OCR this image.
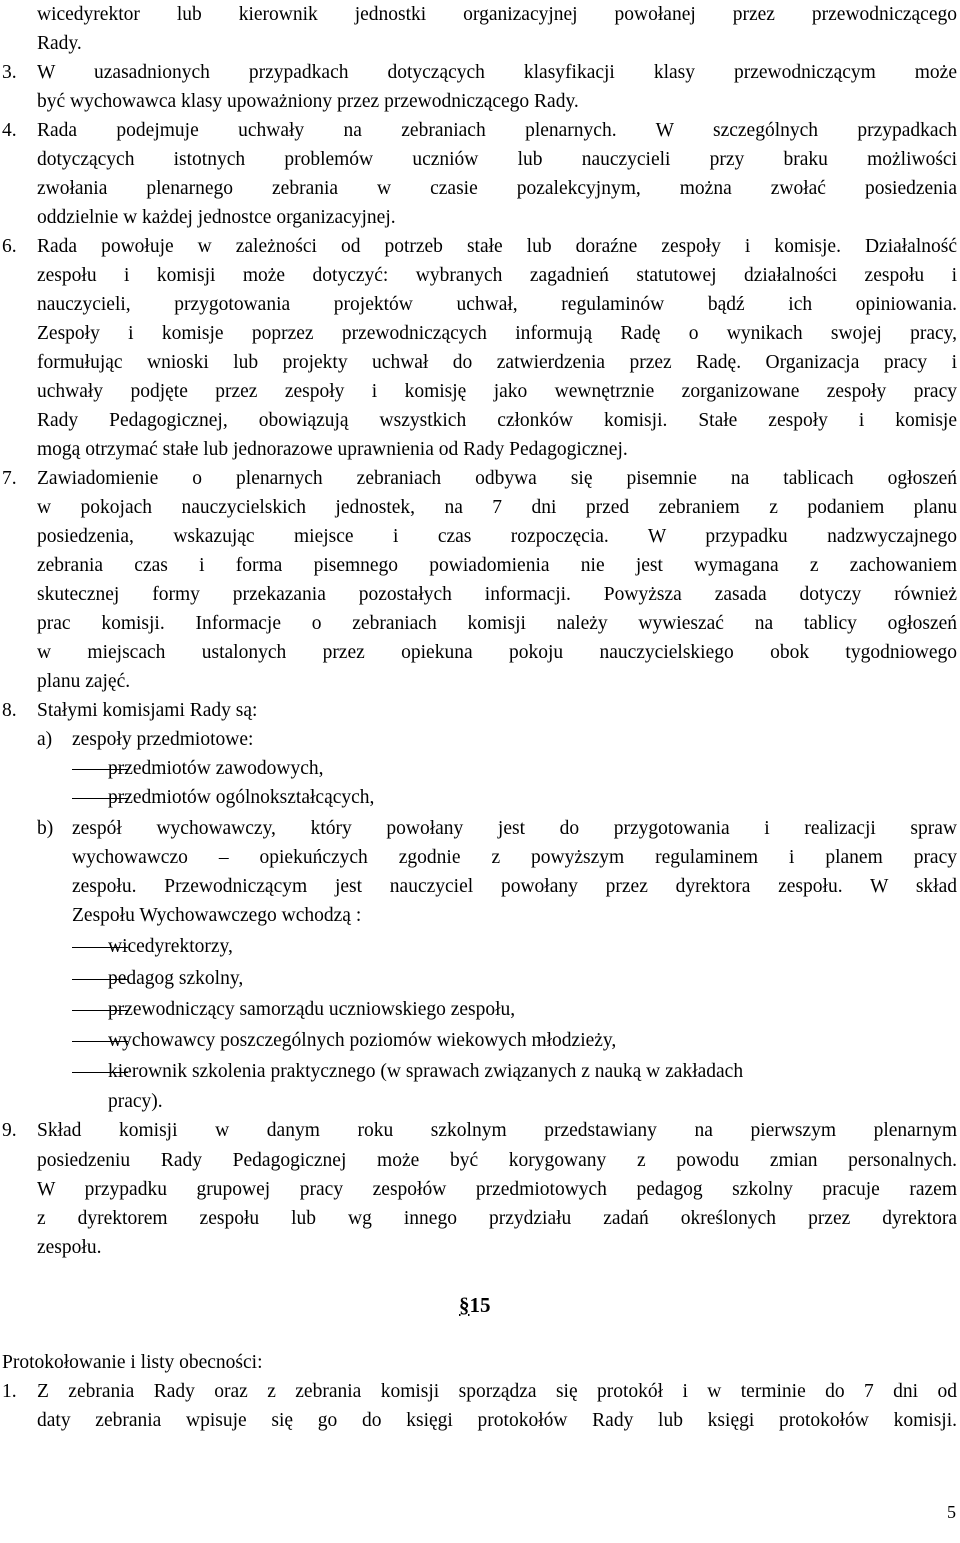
wicedyrektor lub kierownik jednostki organizacyjnej powołanej przez przewodniczącego
Rady.
3. W uzasadnionych przypadkach dotyczących klasyfikacji klasy przewodniczącym może
być wychowawca klasy upoważniony przez przewodniczącego Rady.
4. Rada podejmuje uchwały na zebraniach plenarnych. W szczególnych przypadkach
dotyczących istotnych problemów uczniów lub nauczycieli przy braku możliwości
zwołania plenarnego zebrania w czasie pozalekcyjnym, można zwołać posiedzenia
oddzielnie w każdej jednostce organizacyjnej.
6. Rada powołuje w zależności od potrzeb stałe lub doraźne zespoły i komisje. Działalność
zespołu i komisji może dotyczyć: wybranych zagadnień statutowej działalności zespołu i
nauczycieli, przygotowania projektów uchwał, regulaminów bądź ich opiniowania.
Zespoły i komisje poprzez przewodniczących informują Radę o wynikach swojej pracy,
formułując wnioski lub projekty uchwał do zatwierdzenia przez Radę. Organizacja pracy i
uchwały podjęte przez zespoły i komisję jako wewnętrznie zorganizowane zespoły pracy
Rady Pedagogicznej, obowiązują wszystkich członków komisji. Stałe zespoły i komisje
mogą otrzymać stałe lub jednorazowe uprawnienia od Rady Pedagogicznej.
7. Zawiadomienie o plenarnych zebraniach odbywa się pisemnie na tablicach ogłoszeń
w pokojach nauczycielskich jednostek, na 7 dni przed zebraniem z podaniem planu
posiedzenia, wskazując miejsce i czas rozpoczęcia. W przypadku nadzwyczajnego
zebrania czas i forma pisemnego powiadomienia nie jest wymagana z zachowaniem
skutecznej formy przekazania pozostałych informacji. Powyższa zasada dotyczy również
prac komisji. Informacje o zebraniach komisji należy wywieszać na tablicy ogłoszeń
w miejscach ustalonych przez opiekuna pokoju nauczycielskiego obok tygodniowego
planu zajęć.
8. Stałymi komisjami Rady są:
a) zespoły przedmiotowe:
przedmiotów zawodowych,
przedmiotów ogólnokształcących,
b) zespół wychowawczy, który powołany jest do przygotowania i realizacji spraw
wychowawczo – opiekuńczych zgodnie z powyższym regulaminem i planem pracy
zespołu. Przewodniczącym jest nauczyciel powołany przez dyrektora zespołu. W skład
Zespołu Wychowawczego wchodzą :
wicedyrektorzy,
pedagog szkolny,
przewodniczący samorządu uczniowskiego zespołu,
wychowawcy poszczególnych poziomów wiekowych młodzieży,
kierownik szkolenia praktycznego (w sprawach związanych z nauką w zakładach
pracy).
9. Skład komisji w danym roku szkolnym przedstawiany na pierwszym plenarnym
posiedzeniu Rady Pedagogicznej może być korygowany z powodu zmian personalnych.
W przypadku grupowej pracy zespołów przedmiotowych pedagog szkolny pracuje razem
z dyrektorem zespołu lub wg innego przydziału zadań określonych przez dyrektora
zespołu.
§15
Protokołowanie i listy obecności:
1. Z zebrania Rady oraz z zebrania komisji sporządza się protokół i w terminie do 7 dni od
daty zebrania wpisuje się go do księgi protokołów Rady lub księgi protokołów komisji.
5
